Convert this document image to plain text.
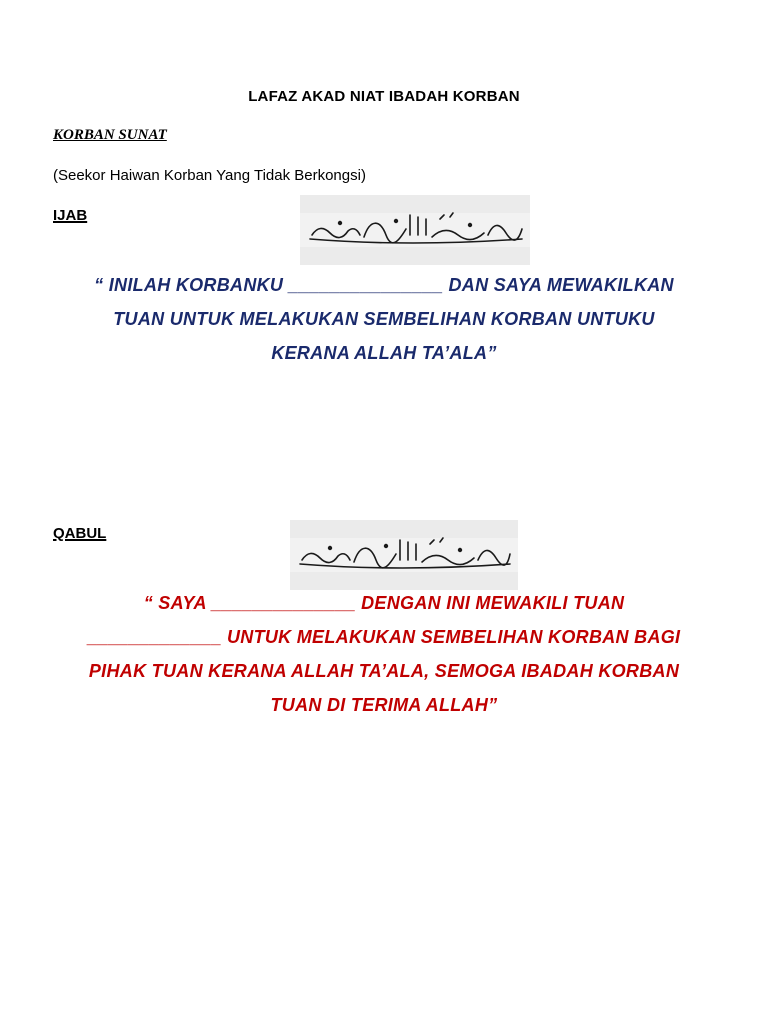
LAFAZ AKAD NIAT IBADAH KORBAN
KORBAN SUNAT
(Seekor Haiwan Korban Yang Tidak Berkongsi)
IJAB
“ INILAH KORBANKU _______________ DAN SAYA MEWAKILKAN
TUAN UNTUK MELAKUKAN SEMBELIHAN KORBAN UNTUKU
KERANA ALLAH TA’ALA”
QABUL
“ SAYA ______________ DENGAN INI MEWAKILI TUAN
_____________ UNTUK MELAKUKAN SEMBELIHAN KORBAN BAGI
PIHAK TUAN KERANA ALLAH TA’ALA, SEMOGA IBADAH KORBAN
TUAN DI TERIMA ALLAH”
